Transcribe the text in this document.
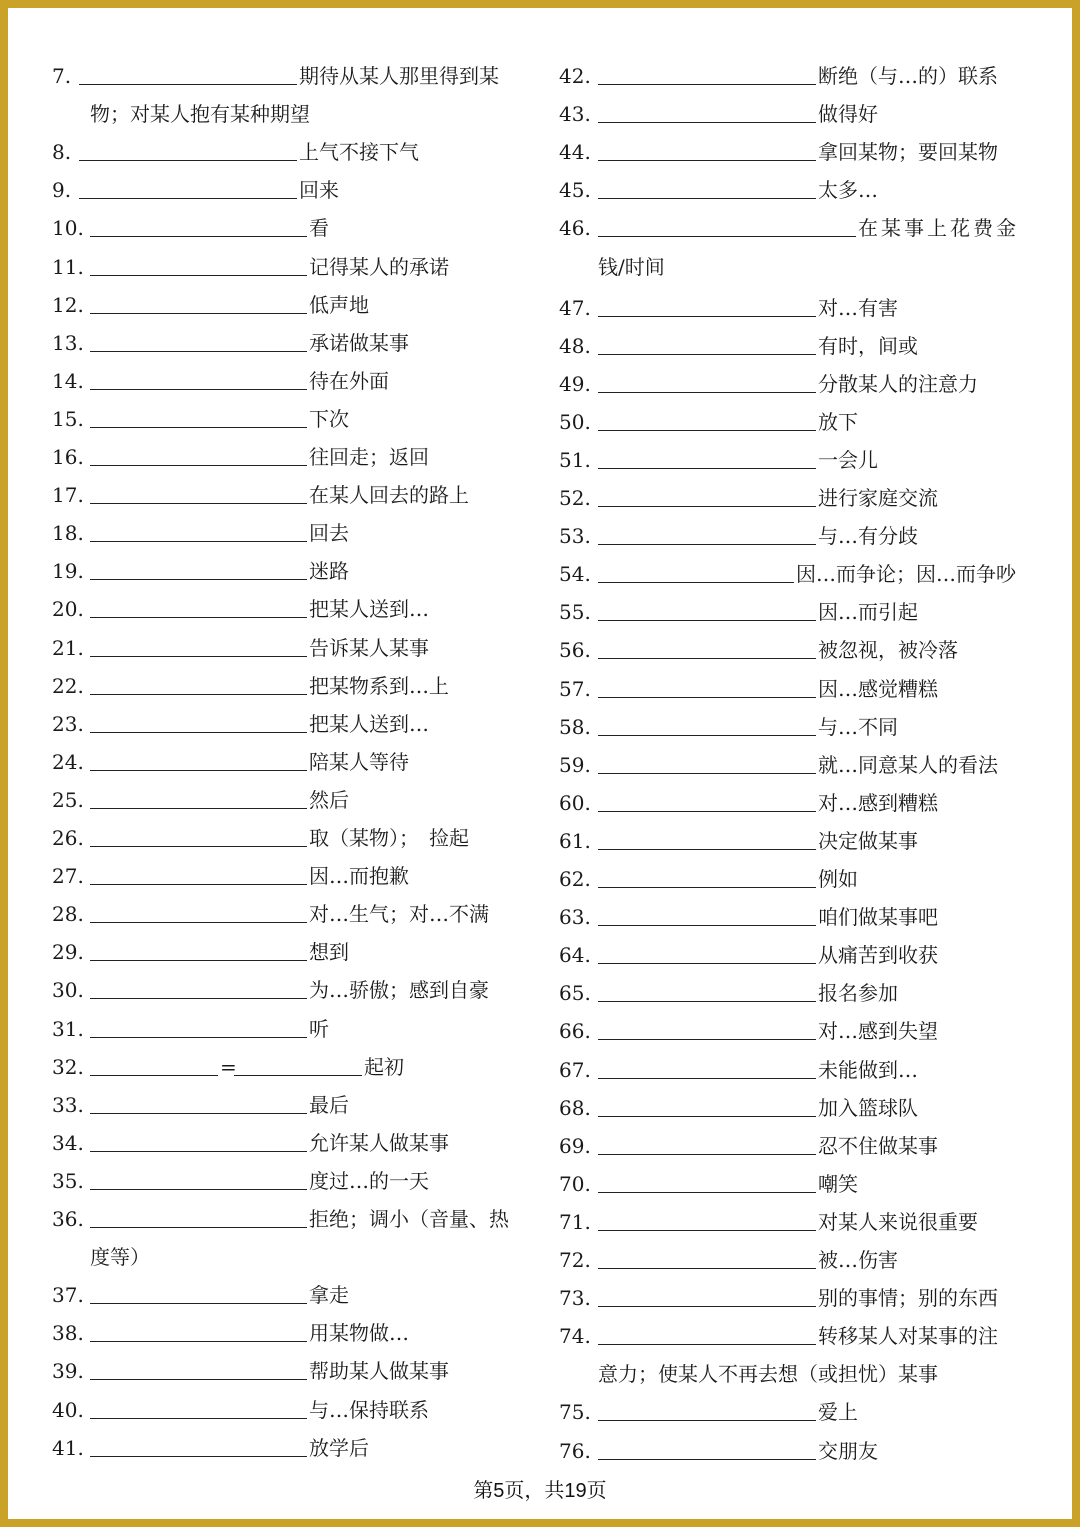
7.	期待从某人那里得到某
物；对某人抱有某种期望
8.	上气不接下气
9.	回来
10.	看
11.	记得某人的承诺
12.	低声地
13.	承诺做某事
14.	待在外面
15.	下次
16.	往回走；返回
17.	在某人回去的路上
18.	回去
19.	迷路
20.	把某人送到…
21.	告诉某人某事
22.	把某物系到…上
23.	把某人送到…
24.	陪某人等待
25.	然后
26.	取（某物）；　捡起
27.	因…而抱歉
28.	对…生气；对…不满
29.	想到
30.	为…骄傲；感到自豪
31.	听
32.	=	起初
33.	最后
34.	允许某人做某事
35.	度过…的一天
36.	拒绝；调小（音量、热
度等）
37.	拿走
38.	用某物做…
39.	帮助某人做某事
40.	与…保持联系
41.	放学后
42.	断绝（与…的）联系
43.	做得好
44.	拿回某物；要回某物
45.	太多…
46.	在某事上花费金
钱/时间
47.	对…有害
48.	有时，间或
49.	分散某人的注意力
50.	放下
51.	一会儿
52.	进行家庭交流
53.	与…有分歧
54.	因…而争论；因…而争吵
55.	因…而引起
56.	被忽视，被冷落
57.	因…感觉糟糕
58.	与…不同
59.	就…同意某人的看法
60.	对…感到糟糕
61.	决定做某事
62.	例如
63.	咱们做某事吧
64.	从痛苦到收获
65.	报名参加
66.	对…感到失望
67.	未能做到…
68.	加入篮球队
69.	忍不住做某事
70.	嘲笑
71.	对某人来说很重要
72.	被…伤害
73.	别的事情；别的东西
74.	转移某人对某事的注
意力；使某人不再去想（或担忧）某事
75.	爱上
76.	交朋友
第5页，共19页
